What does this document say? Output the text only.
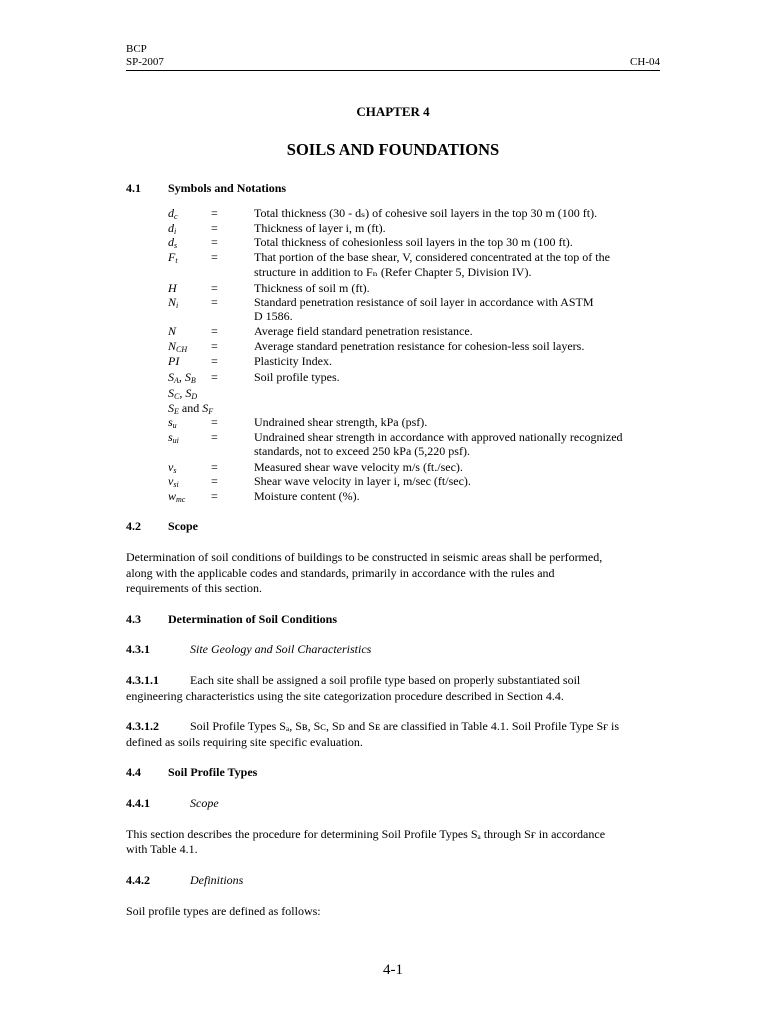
BCP
SP-2007	CH-04
CHAPTER 4
SOILS AND FOUNDATIONS
4.1 Symbols and Notations
$d_c$	=	Total thickness (30 - dₛ) of cohesive soil layers in the top 30 m (100 ft).
$d_i$	=	Thickness of layer i, m (ft).
$d_s$	=	Total thickness of cohesionless soil layers in the top 30 m (100 ft).
$F_t$	=	That portion of the base shear, V, considered concentrated at the top of the
structure in addition to Fₙ (Refer Chapter 5, Division IV).
H	=	Thickness of soil m (ft).
$N_i$	=	Standard penetration resistance of soil layer in accordance with ASTM
D 1586.
N	=	Average field standard penetration resistance.
$N_{CH}$ =	Average standard penetration resistance for cohesion-less soil layers.
PI	=	Plasticity Index.
$S_A$, $S_B$ =	Soil profile types.
$S_C$, $S_D$
$S_E$ and $S_F$
$s_u$	=	Undrained shear strength, kPa (psf).
$s_{ui}$	=	Undrained shear strength in accordance with approved nationally recognized
standards, not to exceed 250 kPa (5,220 psf).
$v_s$	=	Measured shear wave velocity m/s (ft./sec).
$v_{si}$	=	Shear wave velocity in layer i, m/sec (ft/sec).
$w_{mc}$ =	Moisture content (%).
4.2 Scope
Determination of soil conditions of buildings to be constructed in seismic areas shall be performed,
along with the applicable codes and standards, primarily in accordance with the rules and
requirements of this section.
4.3 Determination of Soil Conditions
4.3.1	Site Geology and Soil Characteristics
4.3.1.1	Each site shall be assigned a soil profile type based on properly substantiated soil
engineering characteristics using the site categorization procedure described in Section 4.4.
4.3.1.2	Soil Profile Types Sₐ, Sʙ, Sᴄ, Sᴅ and Sᴇ are classified in Table 4.1. Soil Profile Type Sғ is
defined as soils requiring site specific evaluation.
4.4 Soil Profile Types
4.4.1	Scope
This section describes the procedure for determining Soil Profile Types Sₐ through Sғ in accordance
with Table 4.1.
4.4.2	Definitions
Soil profile types are defined as follows:
4-1
